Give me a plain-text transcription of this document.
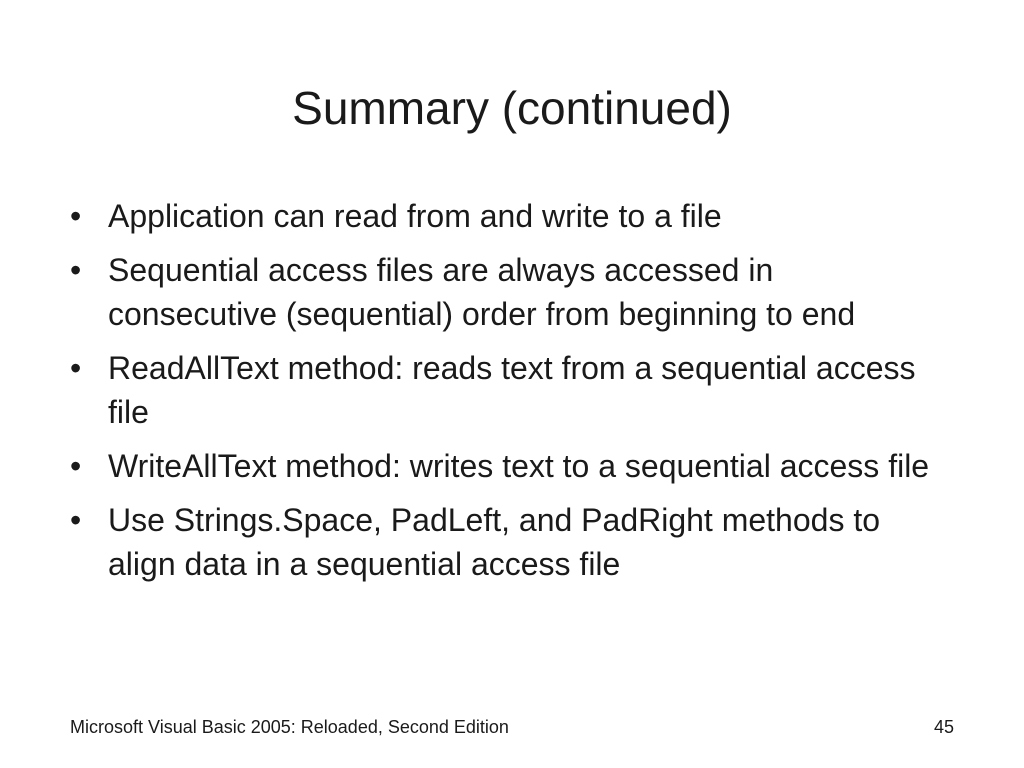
Summary (continued)
• Application can read from and write to a file
• Sequential access files are always accessed in consecutive (sequential) order from beginning to end
• ReadAllText method: reads text from a sequential access file
• WriteAllText method: writes text to a sequential access file
• Use Strings.Space, PadLeft, and PadRight methods to align data in a sequential access file
Microsoft Visual Basic 2005: Reloaded, Second Edition	45
